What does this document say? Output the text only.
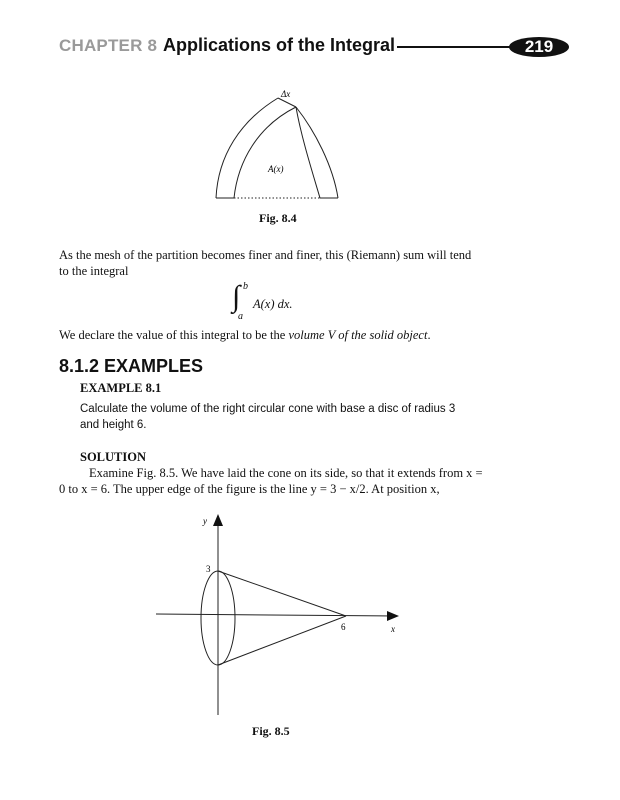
CHAPTER 8 Applications of the Integral	219
Δx
A(x)
Fig. 8.4
As the mesh of the partition becomes finer and finer, this (Riemann) sum will tend
to the integral
∫ b
a
A(x) dx.
We declare the value of this integral to be the volume V of the solid object.
8.1.2 EXAMPLES
EXAMPLE 8.1
Calculate the volume of the right circular cone with base a disc of radius 3
and height 6.
SOLUTION
Examine Fig. 8.5. We have laid the cone on its side, so that it extends from x =
0 to x = 6. The upper edge of the figure is the line y = 3 − x/2. At position x,
y
x
3
6
Fig. 8.5
